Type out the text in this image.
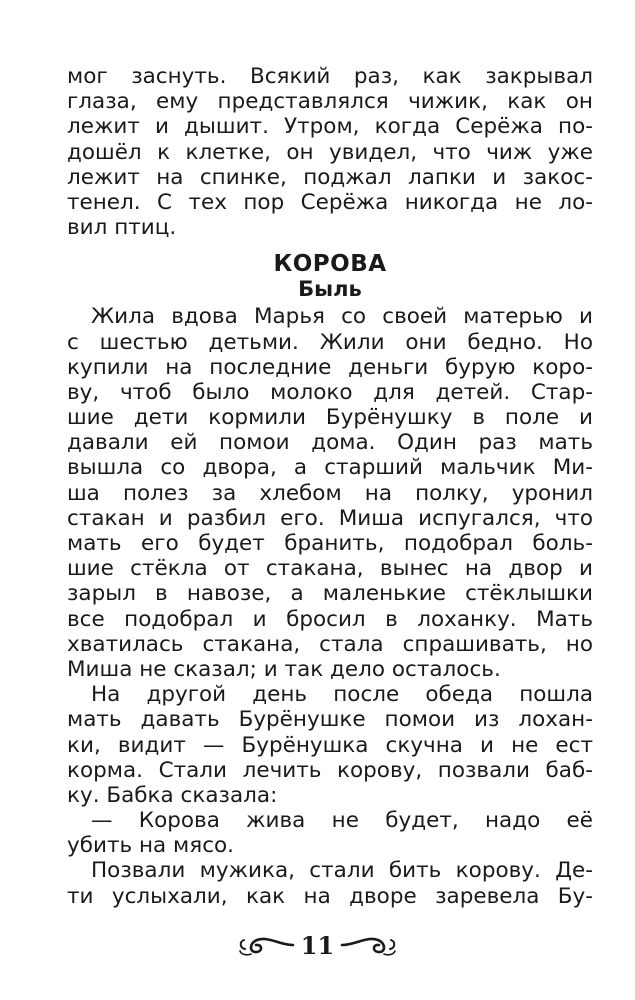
мог заснуть. Всякий раз, как закрывал
глаза, ему представлялся чижик, как он
лежит и дышит. Утром, когда Серёжа по-
дошёл к клетке, он увидел, что чиж уже
лежит на спинке, поджал лапки и закос-
тенел. С тех пор Серёжа никогда не ло-
вил птиц.
КОРОВА
Быль
Жила вдова Марья со своей матерью и
с шестью детьми. Жили они бедно. Но
купили на последние деньги бурую коро-
ву, чтоб было молоко для детей. Стар-
шие дети кормили Бурёнушку в поле и
давали ей помои дома. Один раз мать
вышла со двора, а старший мальчик Ми-
ша полез за хлебом на полку, уронил
стакан и разбил его. Миша испугался, что
мать его будет бранить, подобрал боль-
шие стёкла от стакана, вынес на двор и
зарыл в навозе, а маленькие стёклышки
все подобрал и бросил в лоханку. Мать
хватилась стакана, стала спрашивать, но
Миша не сказал; и так дело осталось.
На другой день после обеда пошла
мать давать Бурёнушке помои из лохан-
ки, видит — Бурёнушка скучна и не ест
корма. Стали лечить корову, позвали баб-
ку. Бабка сказала:
— Корова жива не будет, надо её
убить на мясо.
Позвали мужика, стали бить корову. Де-
ти услыхали, как на дворе заревела Бу-
11
